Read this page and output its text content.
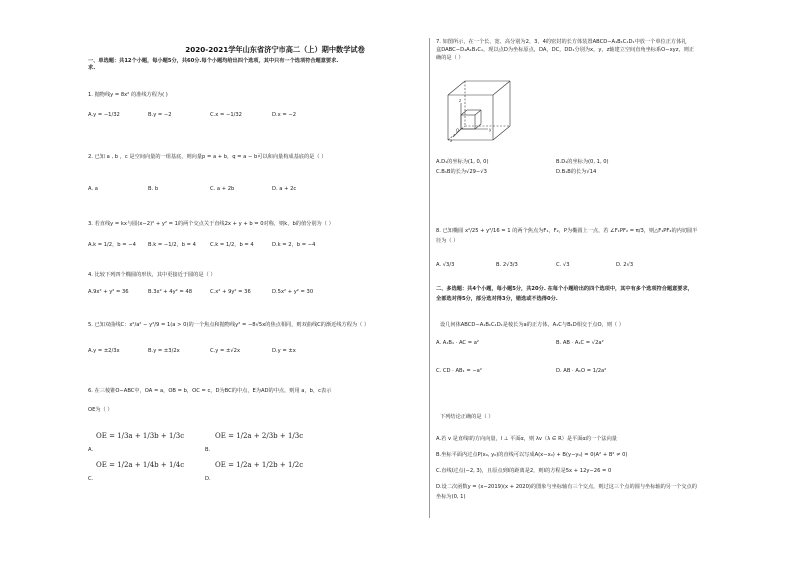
2020-2021学年山东省济宁市高二（上）期中数学试卷
一、单选题：共12个小题，每小题5分，共60分.每个小题均给出四个选项，其中只有一个选项符合题意要求.
求.
1. 抛物线y = 8x² 的准线方程为( )
A.y = −1/32	B.y = −2	C.x = −1/32	D.x = −2
2. 已知 a , b ，c 是空间向量的一组基底，则向量p = a + b，q = a − b可以和向量构成基底的是（ ）
A. a	B. b	C. a + 2b	D. a + 2c
3. 若直线y = kx与圆(x−2)² + y² = 1的两个交点关于直线2x + y + b = 0对称，则k，b的值分别为（ ）
A.k = 1/2，b = −4 B.k = −1/2，b = 4	C.k = 1/2，b = 4	D.k = 2，b = −4
4. 比较下列四个椭圆的形状，其中更接近于圆的是（ ）
A.9x² + y² = 36	B.3x² + 4y² = 48	C.x² + 9y² = 36	D.5x² + y² = 30
5. 已知双曲线C：x²/a² − y²/9 = 1(a > 0)的一个焦点和抛物线y² = −8√5x的焦点相同，则双曲线C的渐近线方程为（ ）
A.y = ±2/3x	B.y = ±3/2x	C.y = ±√2x	D.y = ±x
6. 在三棱锥O−ABC中，OA = a，OB = b，OC = c，D为BC的中点，E为AD的中点，则用 a，b，c表示
OE为（ ）
A.
OE = 1/3a + 1/3b + 1/3c
B.
OE = 1/2a + 2/3b + 1/3c
C.
OE = 1/2a + 1/4b + 1/4c
D.
OE = 1/2a + 1/2b + 1/2c
7. 如图所示，在一个长、宽、高分别为2、3、4的密封的长方体装置ABCD−A₁B₁C₁D₁中放一个单位正方体礼
盒DABC−D₁A₁B₁C₁，现以点D为坐标原点，DA，DC，DD₁分别为x，y，z轴建立空间直角坐标系O−xyz，则正
确的是（ ）
z
y
x
O
A.D₁的坐标为(1, 0, 0)	B.D₁的坐标为(0, 1, 0)
C.B₁B的长为√29−√3	D.B₁B的长为√14
8. 已知椭圆 x²/25 + y²/16 = 1 的两个焦点为F₁，F₂，P为椭圆上一点，若 ∠F₁PF₂ = π/3，则△F₁PF₂的内切圆半
径为（ ）
A. √3/3	B. 2√3/3	C. √3	D. 2√3
二、多选题：共4个小题，每小题5分，共20分. 在每个小题给出的四个选项中，其中有多个选项符合题意要求，
全部选对得5分，部分选对得3分，错选或不选得0分.
设几何体ABCD−A₁B₁C₁D₁是棱长为a的正方体，A₁C与B₁D相交于点O，则（ ）
A. A₁B₁ · AC = a²	B. AB · A₁C = √2a²
C. CD · AB₁ = −a²	D. AB · A₁O = 1/2a²
下列结论正确的是（ ）
A.若 v 是直线l的方向向量，l ⊥ 平面α，则 λv（λ ∈ R）是平面α的一个法向量
B.坐标平面内过点P(x₀, y₀)的直线可以写成A(x−x₀) + B(y−y₀) = 0(A² + B² ≠ 0)
C.直线l过点(−2, 3)，且原点到l的距离是2，则l的方程是5x + 12y−26 = 0
D.设二次函数y = (x−2019)(x + 2020)的图象与坐标轴有三个交点，则过这三个点的圆与坐标轴的另一个交点的
坐标为(0, 1)
